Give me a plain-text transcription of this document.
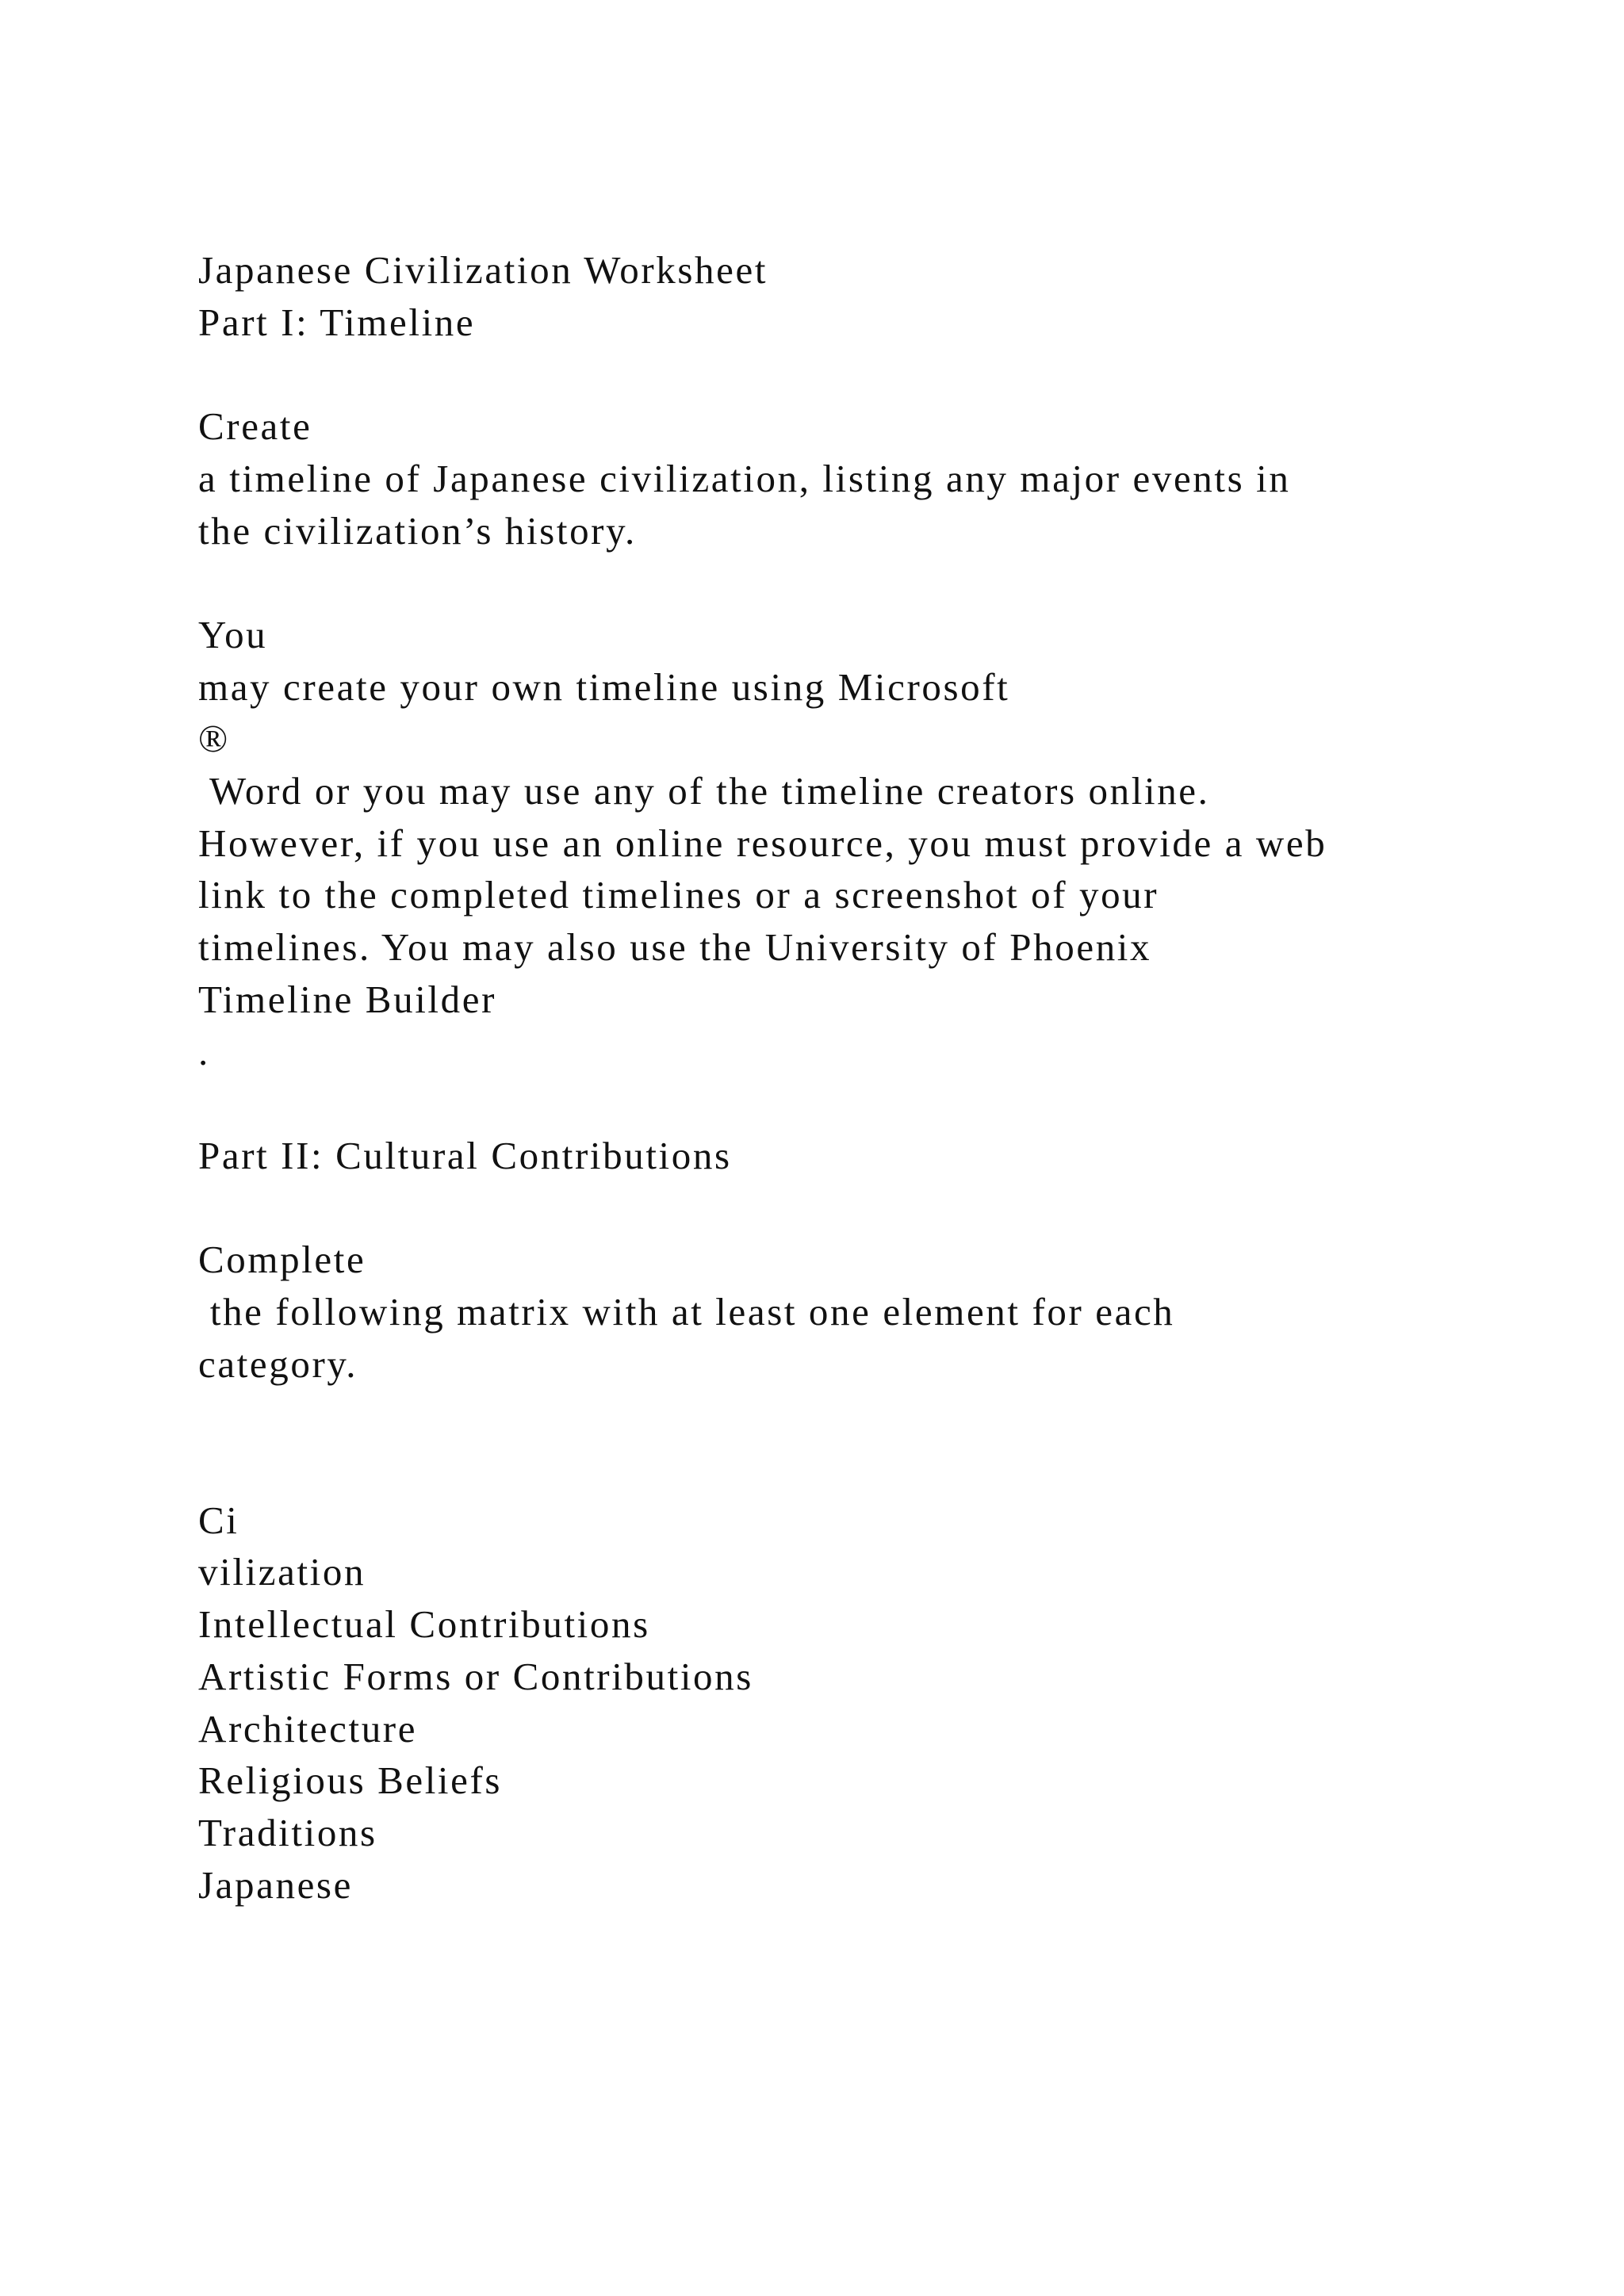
Japanese Civilization Worksheet
Part I: Timeline
Create
a timeline of Japanese civilization, listing any major events in
the civilization’s history.
You
may create your own timeline using Microsoft
®
Word or you may use any of the timeline creators online.
However, if you use an online resource, you must provide a web
link to the completed timelines or a screenshot of your
timelines. You may also use the University of Phoenix
Timeline Builder
.
Part II: Cultural Contributions
Complete
the following matrix with at least one element for each
category.
Ci
vilization
Intellectual Contributions
Artistic Forms or Contributions
Architecture
Religious Beliefs
Traditions
Japanese
